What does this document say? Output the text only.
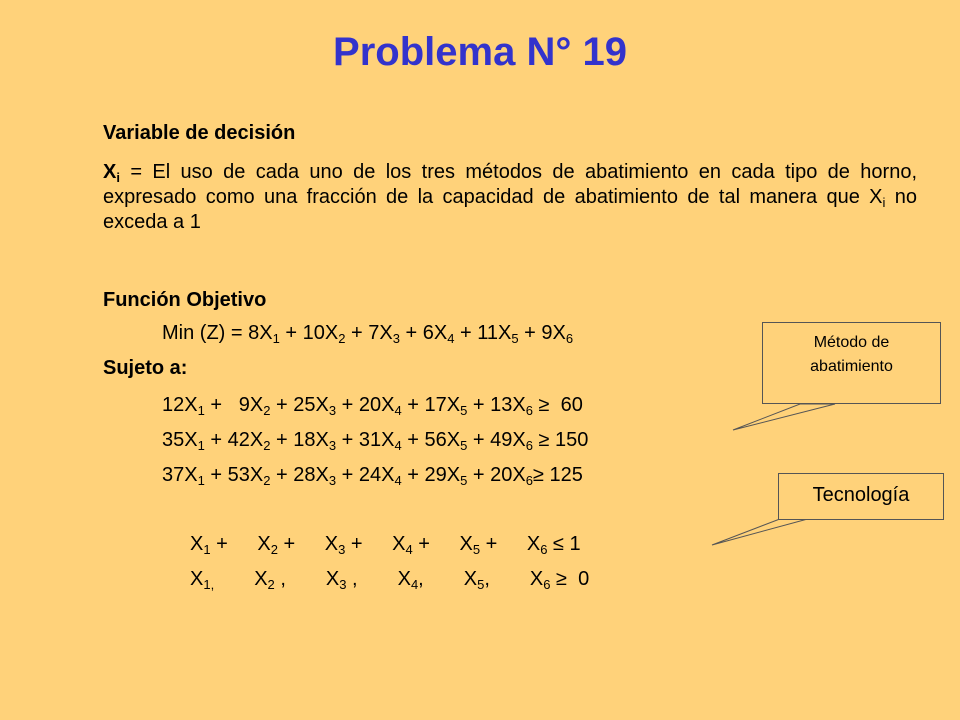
Problema N° 19
Variable de decisión
$X_i = El$ uso de cada uno de los tres métodos de abatimiento en cada tipo de horno, expresado como una fracción de la capacidad de abatimiento de tal manera que $X_i$ no exceda a 1
Función Objetivo
Min $(Z) = 8X_1 + 10X_2 + 7X_3 + 6X_4 + 11X_5 + 9X_6$
Sujeto a:
$12X_1 + 9X_2 + 25X_3 + 20X_4 + 17X_5 + 13X_6 \ge 60$
$35X_1 + 42X_2 + 18X_3 + 31X_4 + 56X_5 + 49X_6 \ge 150$
$37X_1 + 53X_2 + 28X_3 + 24X_4 + 29X_5 + 20X_6\ge 125$
$X_1 + X_2 + X_3 + X_4 + X_5 + X_6 \le 1$
$X_{1,}$ $X_2$ , $X_3$ , $X_4$, $X_5$, $X_6 \ge 0$
Método de
abatimiento
Tecnología
